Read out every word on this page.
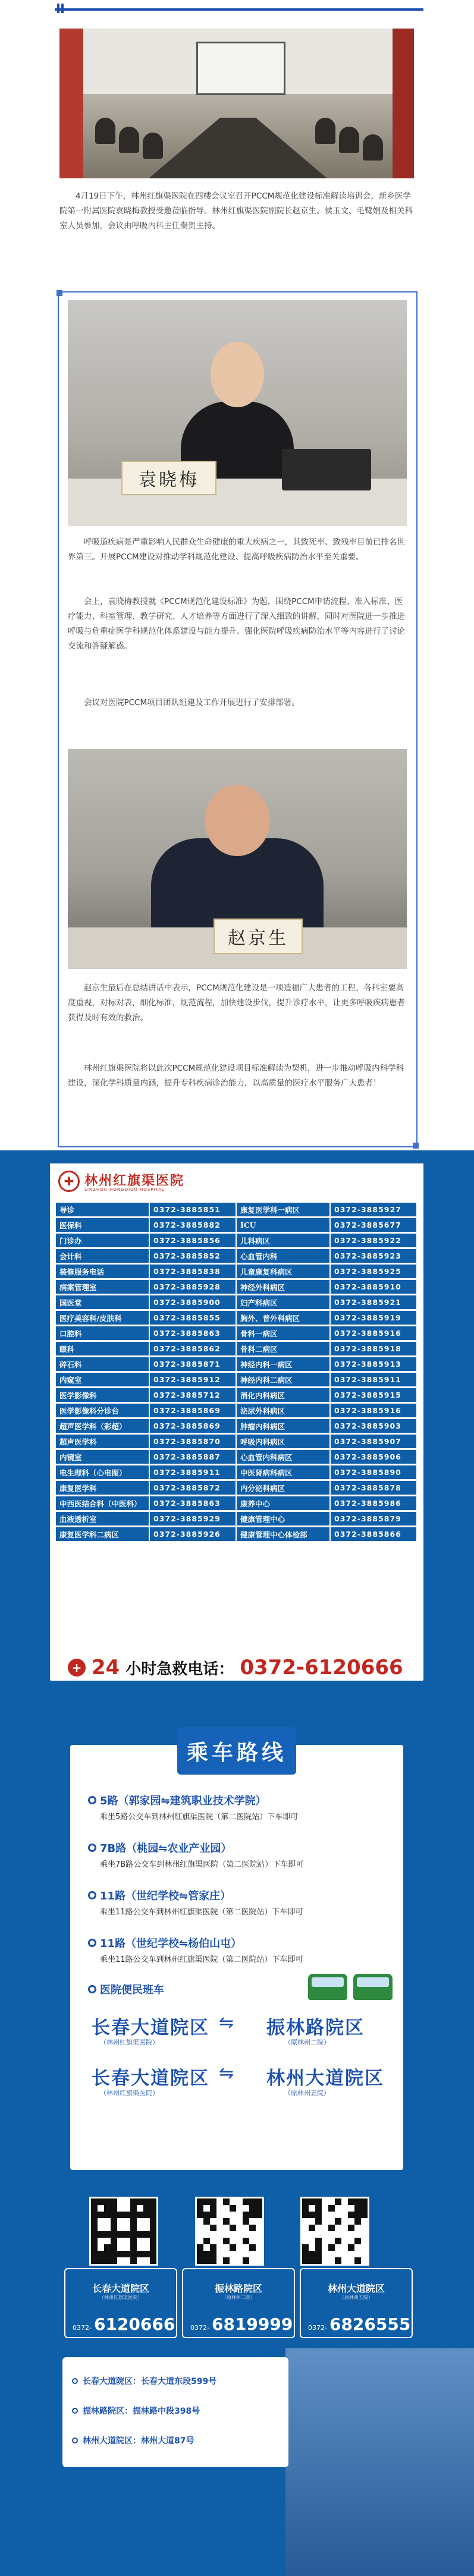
4月19日下午，林州红旗渠医院在四楼会议室召开PCCM规范化建设标准解读培训会，新乡医学院第一附属医院袁晓梅教授受邀莅临指导。林州红旗渠医院副院长赵京生、侯玉文、毛鹭娟及相关科室人员参加，会议由呼吸内科主任秦贺主持。

袁晓梅

呼吸道疾病是严重影响人民群众生命健康的重大疾病之一，其致死率、致残率目前已排名世界第三。开展PCCM建设对推动学科规范化建设、提高呼吸疾病防治水平至关重要。

会上，袁晓梅教授就《PCCM规范化建设标准》为题，围绕PCCM申请流程、准入标准、医疗能力、科室管理、教学研究、人才培养等方面进行了深入细致的讲解，同时对医院进一步推进呼吸与危重症医学科规范化体系建设与能力提升、强化医院呼吸疾病防治水平等内容进行了讨论交流和答疑解惑。

会议对医院PCCM项目团队组建及工作开展进行了安排部署。

赵京生

赵京生最后在总结讲话中表示，PCCM规范化建设是一项造福广大患者的工程，各科室要高度重视，对标对表，细化标准，规范流程，加快建设步伐，提升诊疗水平，让更多呼吸疾病患者获得及时有效的救治。

林州红旗渠医院将以此次PCCM规范化建设项目标准解读为契机，进一步推动呼吸内科学科建设，深化学科质量内涵，提升专科疾病诊治能力，以高质量的医疗水平服务广大患者！

✚ 林州红旗渠医院
LINZHOU HONGQIQU HOSPITAL
导诊	0372-3885851	康复医学科一病区	0372-3885927
医保科	0372-3885882	ICU	0372-3885677
门诊办	0372-3885856	儿科病区	0372-3885922
会计科	0372-3885852	心血管内科	0372-3885923
装修服务电话	0372-3885838	儿童康复科病区	0372-3885925
病案管理室	0372-3885928	神经外科病区	0372-3885910
国医堂	0372-3885900	妇产科病区	0372-3885921
医疗美容科/皮肤科	0372-3885855	胸外、普外科病区	0372-3885919
口腔科	0372-3885863	骨科一病区	0372-3885916
眼科	0372-3885862	骨科二病区	0372-3885918
碎石科	0372-3885871	神经内科一病区	0372-3885913
内窥室	0372-3885912	神经内科二病区	0372-3885911
医学影像科	0372-3885712	消化内科病区	0372-3885915
医学影像科分诊台	0372-3885869	泌尿外科病区	0372-3885916
超声医学科（彩超）	0372-3885869	肿瘤内科病区	0372-3885903
超声医学科	0372-3885870	呼吸内科病区	0372-3885907
内镜室	0372-3885887	心血管内科病区	0372-3885906
电生理科（心电图）	0372-3885911	中医肾病科病区	0372-3885890
康复医学科	0372-3885872	内分泌科病区	0372-3885878
中西医结合科（中医科）	0372-3885863	康养中心	0372-3885986
血液透析室	0372-3885929	健康管理中心	0372-3885879
康复医学科二病区	0372-3885926	健康管理中心体检部	0372-3885866
+ 24 小时急救电话： 0372-6120666
乘车路线
5路（郭家园⇋建筑职业技术学院）
乘坐5路公交车到林州红旗渠医院（第二医院站）下车即可
7B路（桃园⇋农业产业园）
乘坐7B路公交车到林州红旗渠医院（第二医院站）下车即可
11路（世纪学校⇋管家庄）
乘坐11路公交车到林州红旗渠医院（第二医院站）下车即可
11路（世纪学校⇋杨伯山屯）
乘坐11路公交车到林州红旗渠医院（第二医院站）下车即可
医院便民班车
长春大道院区
（林州红旗渠医院）
⇋ 振林路院区
（原林州二院）
长春大道院区
（林州红旗渠医院）
⇋ 林州大道院区
（原林州五院）
长春大道院区
（林州红旗渠医院）
0372- 6120666
振林路院区
（原林州二院）
0372- 6819999
林州大道院区
（原林州五院）
0372- 6826555
长春大道院区：长春大道东段599号
振林路院区：振林路中段398号
林州大道院区：林州大道87号
